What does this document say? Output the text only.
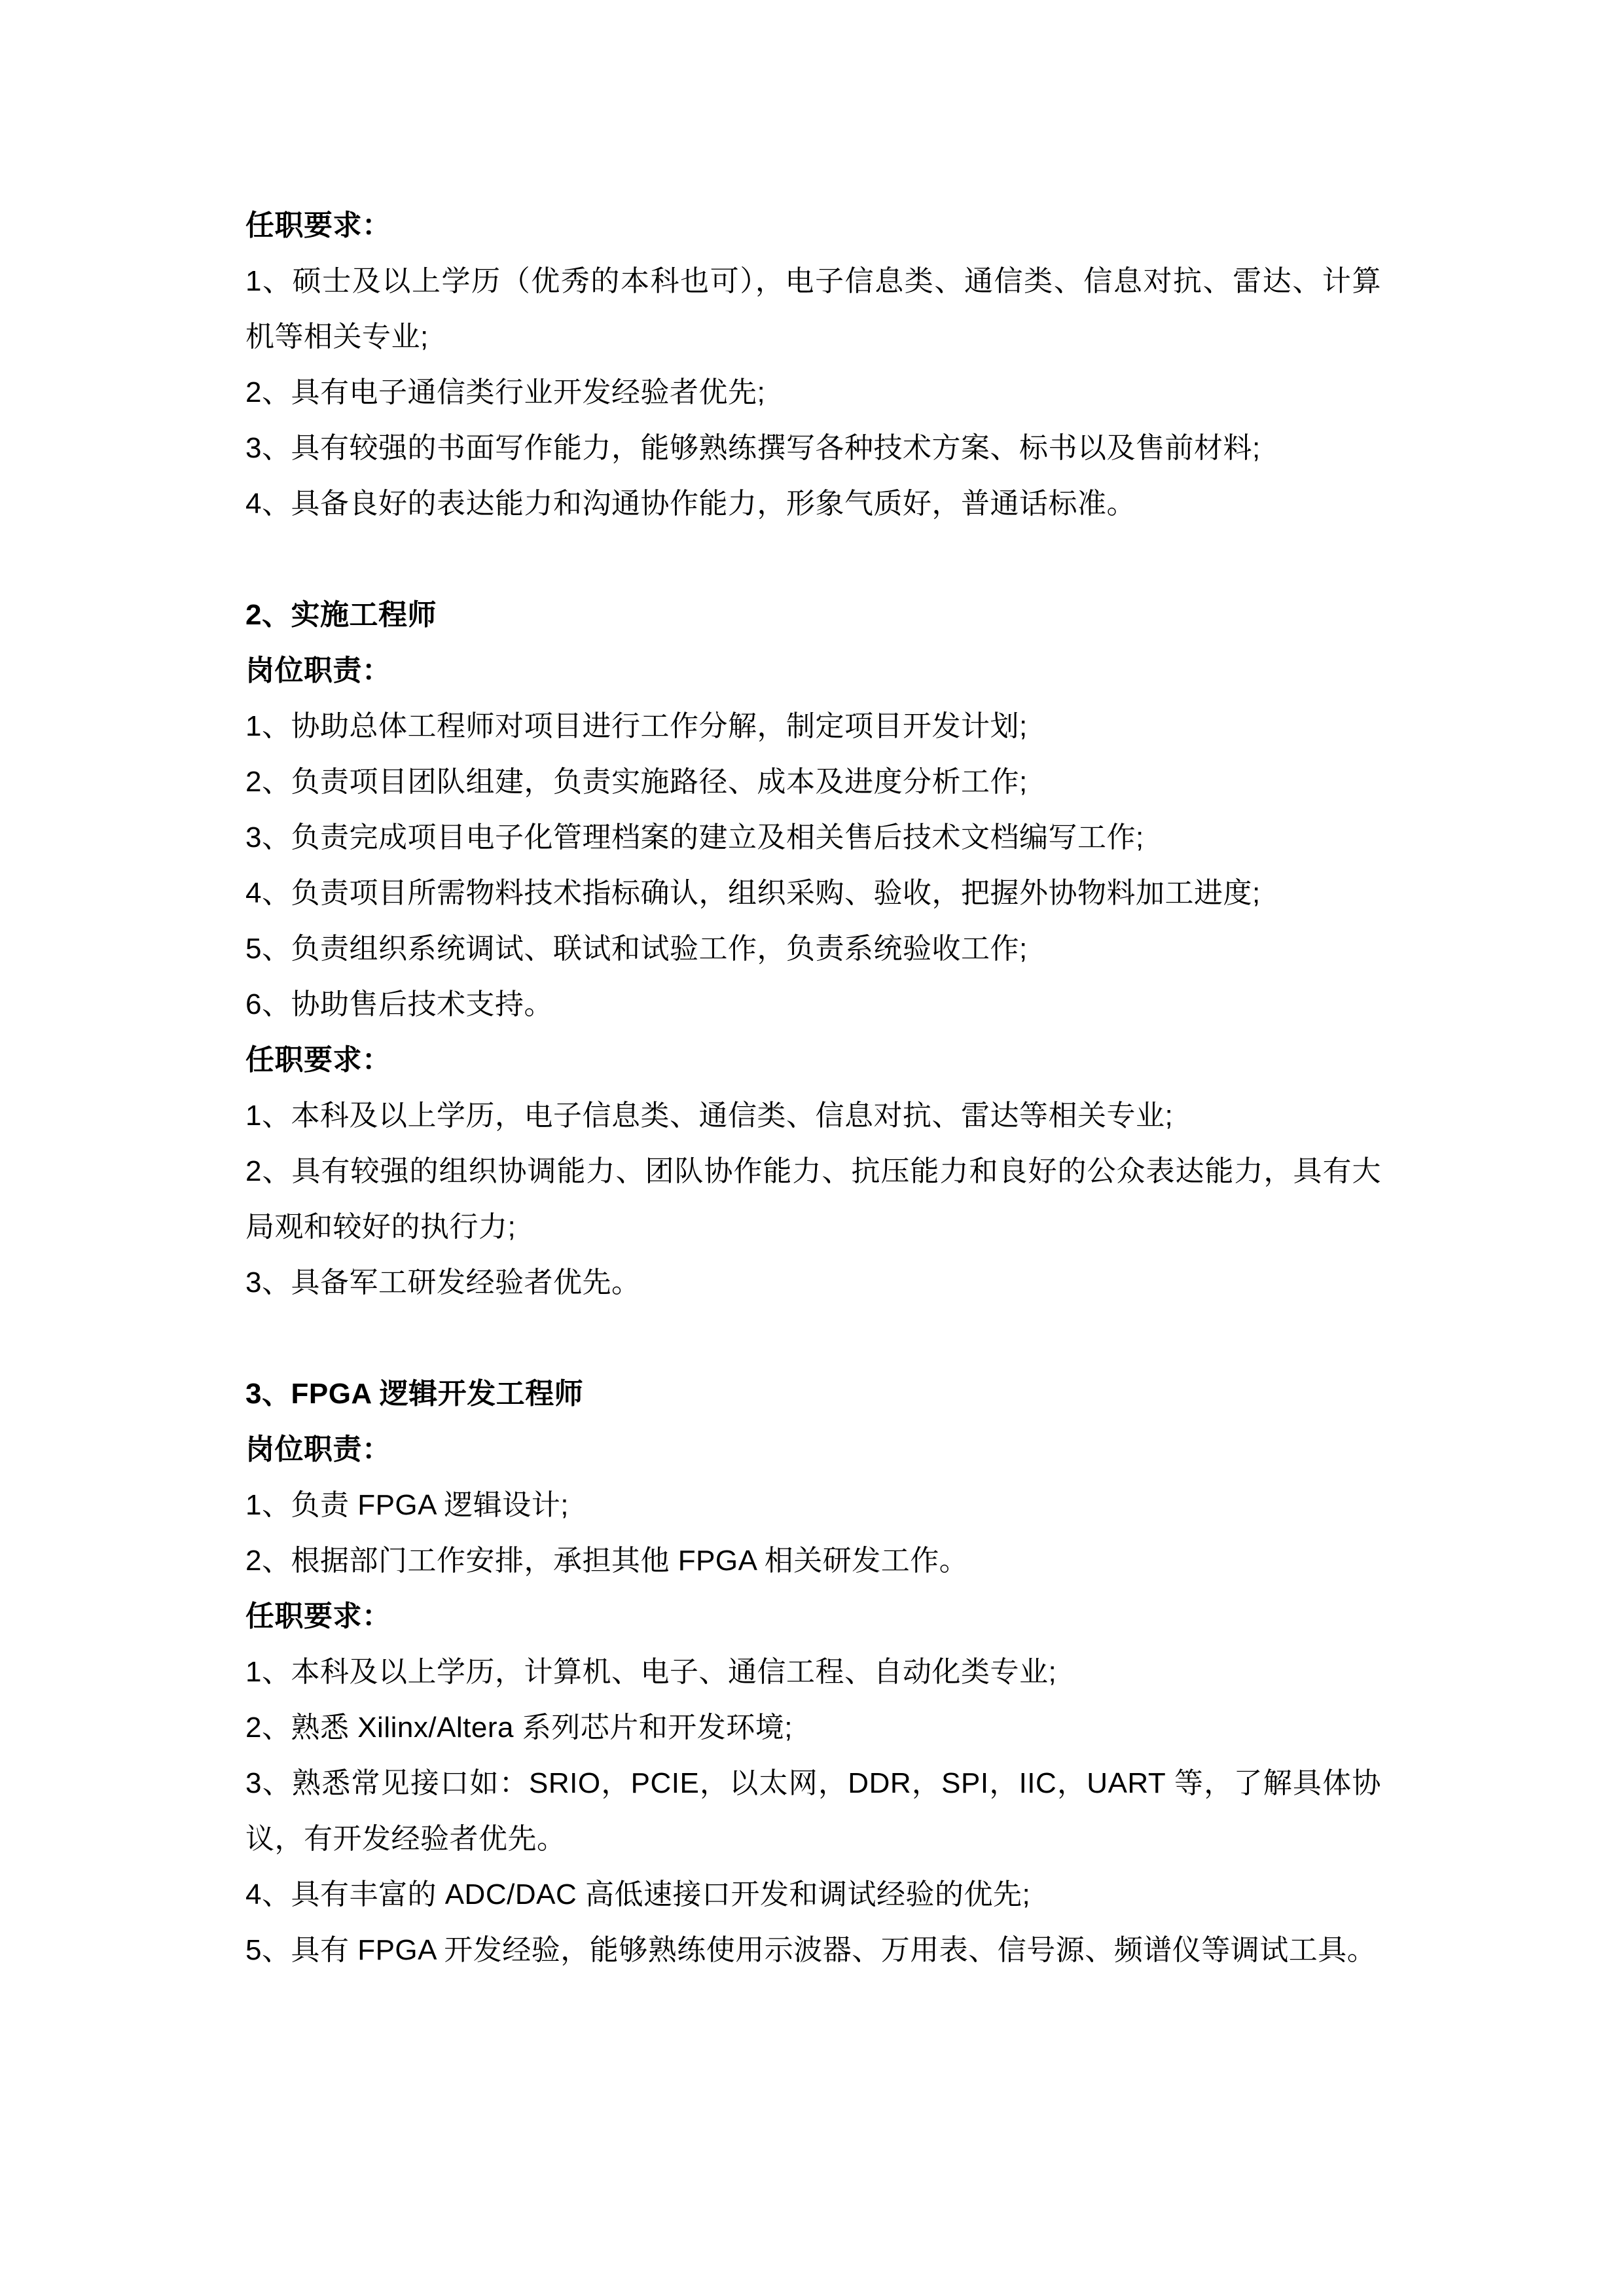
任职要求：

1、硕士及以上学历（优秀的本科也可），电子信息类、通信类、信息对抗、雷达、计算机等相关专业;

2、具有电子通信类行业开发经验者优先;

3、具有较强的书面写作能力，能够熟练撰写各种技术方案、标书以及售前材料;

4、具备良好的表达能力和沟通协作能力，形象气质好，普通话标准。

2、实施工程师

岗位职责：

1、协助总体工程师对项目进行工作分解，制定项目开发计划;

2、负责项目团队组建，负责实施路径、成本及进度分析工作;

3、负责完成项目电子化管理档案的建立及相关售后技术文档编写工作;

4、负责项目所需物料技术指标确认，组织采购、验收，把握外协物料加工进度;

5、负责组织系统调试、联试和试验工作，负责系统验收工作;

6、协助售后技术支持。

任职要求：

1、本科及以上学历，电子信息类、通信类、信息对抗、雷达等相关专业;

2、具有较强的组织协调能力、团队协作能力、抗压能力和良好的公众表达能力，具有大局观和较好的执行力;

3、具备军工研发经验者优先。

3、FPGA 逻辑开发工程师

岗位职责：

1、负责 FPGA 逻辑设计;

2、根据部门工作安排，承担其他 FPGA 相关研发工作。

任职要求：

1、本科及以上学历，计算机、电子、通信工程、自动化类专业;

2、熟悉 Xilinx/Altera 系列芯片和开发环境;

3、熟悉常见接口如：SRIO，PCIE，以太网，DDR，SPI，IIC，UART 等，了解具体协议，有开发经验者优先。

4、具有丰富的 ADC/DAC 高低速接口开发和调试经验的优先;

5、具有 FPGA 开发经验，能够熟练使用示波器、万用表、信号源、频谱仪等调试工具。
